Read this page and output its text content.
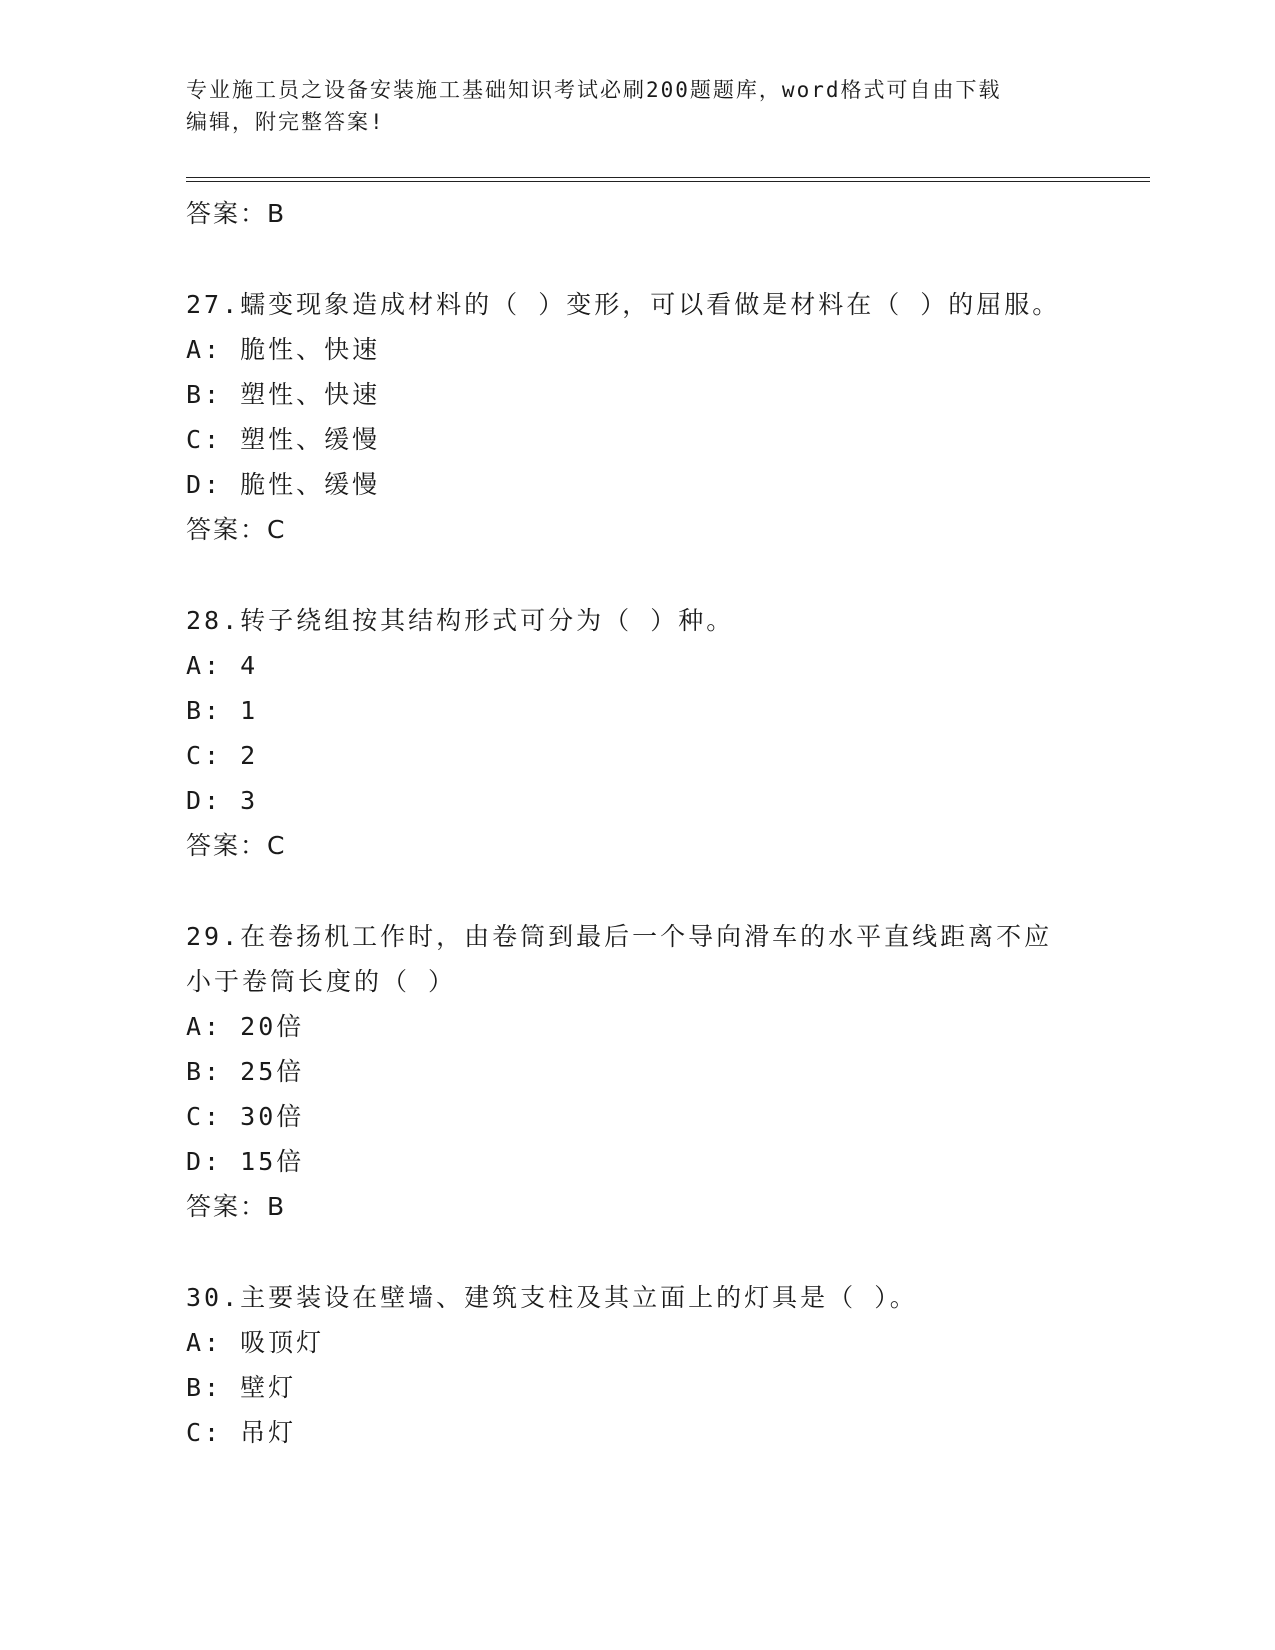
专业施工员之设备安装施工基础知识考试必刷200题题库，word格式可自由下载
编辑，附完整答案!
答案：B
27.蠕变现象造成材料的（ ）变形，可以看做是材料在（ ）的屈服。
A: 脆性、快速
B: 塑性、快速
C: 塑性、缓慢
D: 脆性、缓慢
答案：C
28.转子绕组按其结构形式可分为（ ）种。
A: 4
B: 1
C: 2
D: 3
答案：C
29.在卷扬机工作时，由卷筒到最后一个导向滑车的水平直线距离不应
小于卷筒长度的（ ）
A: 20倍
B: 25倍
C: 30倍
D: 15倍
答案：B
30.主要装设在壁墙、建筑支柱及其立面上的灯具是（ ）。
A: 吸顶灯
B: 壁灯
C: 吊灯
